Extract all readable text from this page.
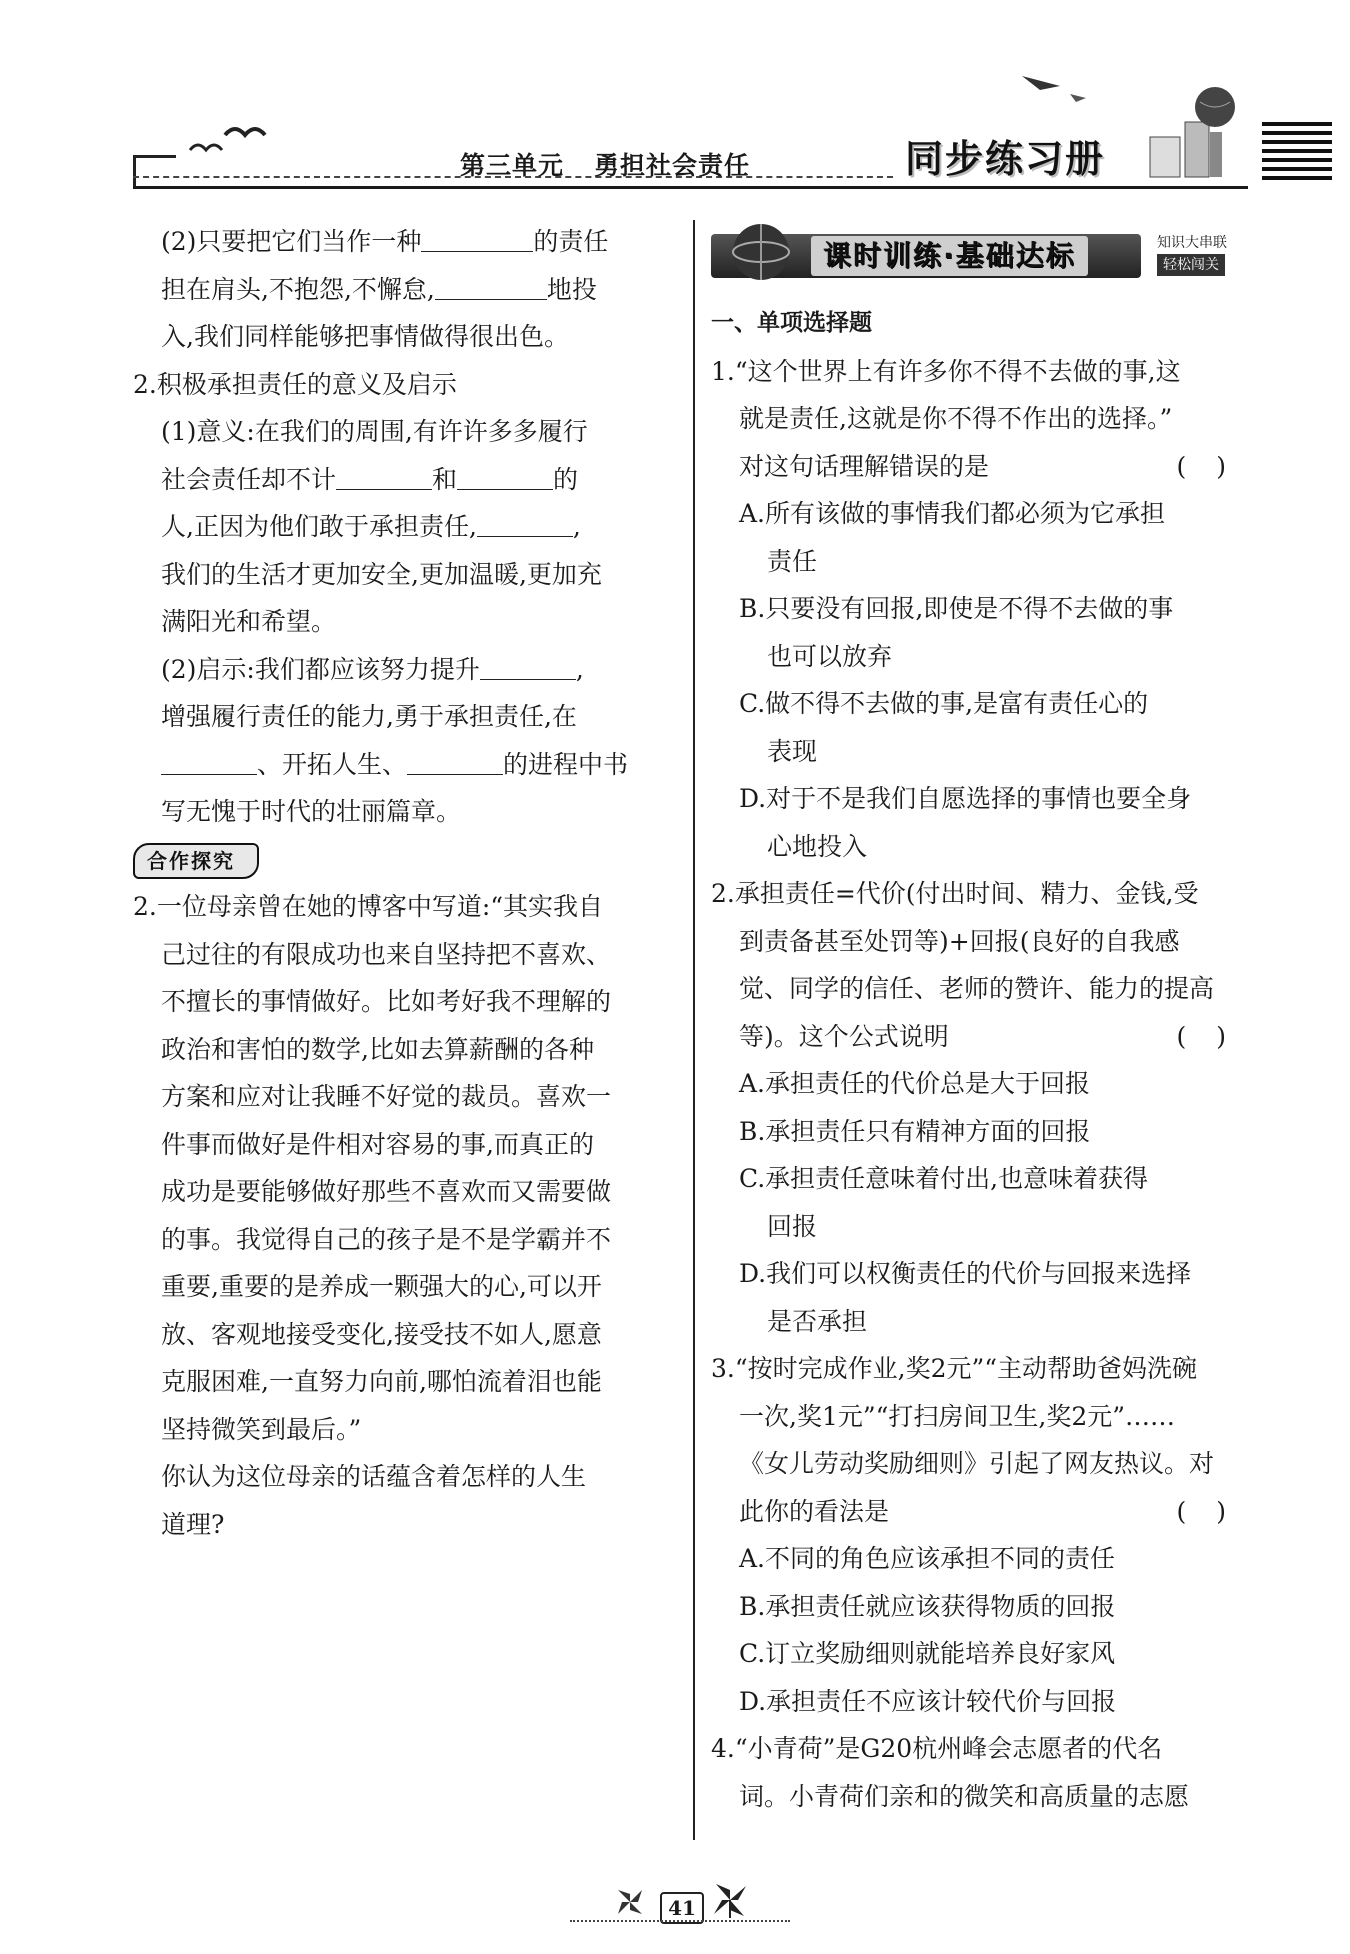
第三单元 勇担社会责任	同步练习册
(2)只要把它们当作一种	的责任
担在肩头,不抱怨,不懈怠,	地投
入,我们同样能够把事情做得很出色。
2.积极承担责任的意义及启示
(1)意义:在我们的周围,有许许多多履行
社会责任却不计	和	的
人,正因为他们敢于承担责任,	,
我们的生活才更加安全,更加温暖,更加充
满阳光和希望。
(2)启示:我们都应该努力提升	,
增强履行责任的能力,勇于承担责任,在
、开拓人生、	的进程中书
写无愧于时代的壮丽篇章。
合作探究
2.一位母亲曾在她的博客中写道:“其实我自
己过往的有限成功也来自坚持把不喜欢、
不擅长的事情做好。比如考好我不理解的
政治和害怕的数学,比如去算薪酬的各种
方案和应对让我睡不好觉的裁员。喜欢一
件事而做好是件相对容易的事,而真正的
成功是要能够做好那些不喜欢而又需要做
的事。我觉得自己的孩子是不是学霸并不
重要,重要的是养成一颗强大的心,可以开
放、客观地接受变化,接受技不如人,愿意
克服困难,一直努力向前,哪怕流着泪也能
坚持微笑到最后。”
你认为这位母亲的话蕴含着怎样的人生
道理?
课时训练·基础达标	知识大串联
轻松闯关
一、单项选择题
1.“这个世界上有许多你不得不去做的事,这
就是责任,这就是你不得不作出的选择。”
对这句话理解错误的是	()
A.所有该做的事情我们都必须为它承担
责任
B.只要没有回报,即使是不得不去做的事
也可以放弃
C.做不得不去做的事,是富有责任心的
表现
D.对于不是我们自愿选择的事情也要全身
心地投入
2.承担责任=代价(付出时间、精力、金钱,受
到责备甚至处罚等)+回报(良好的自我感
觉、同学的信任、老师的赞许、能力的提高
等)。这个公式说明	()
A.承担责任的代价总是大于回报
B.承担责任只有精神方面的回报
C.承担责任意味着付出,也意味着获得
回报
D.我们可以权衡责任的代价与回报来选择
是否承担
3.“按时完成作业,奖2元”“主动帮助爸妈洗碗
一次,奖1元”“打扫房间卫生,奖2元”……
《女儿劳动奖励细则》引起了网友热议。对
此你的看法是	()
A.不同的角色应该承担不同的责任
B.承担责任就应该获得物质的回报
C.订立奖励细则就能培养良好家风
D.承担责任不应该计较代价与回报
4.“小青荷”是G20杭州峰会志愿者的代名
词。小青荷们亲和的微笑和高质量的志愿
41
